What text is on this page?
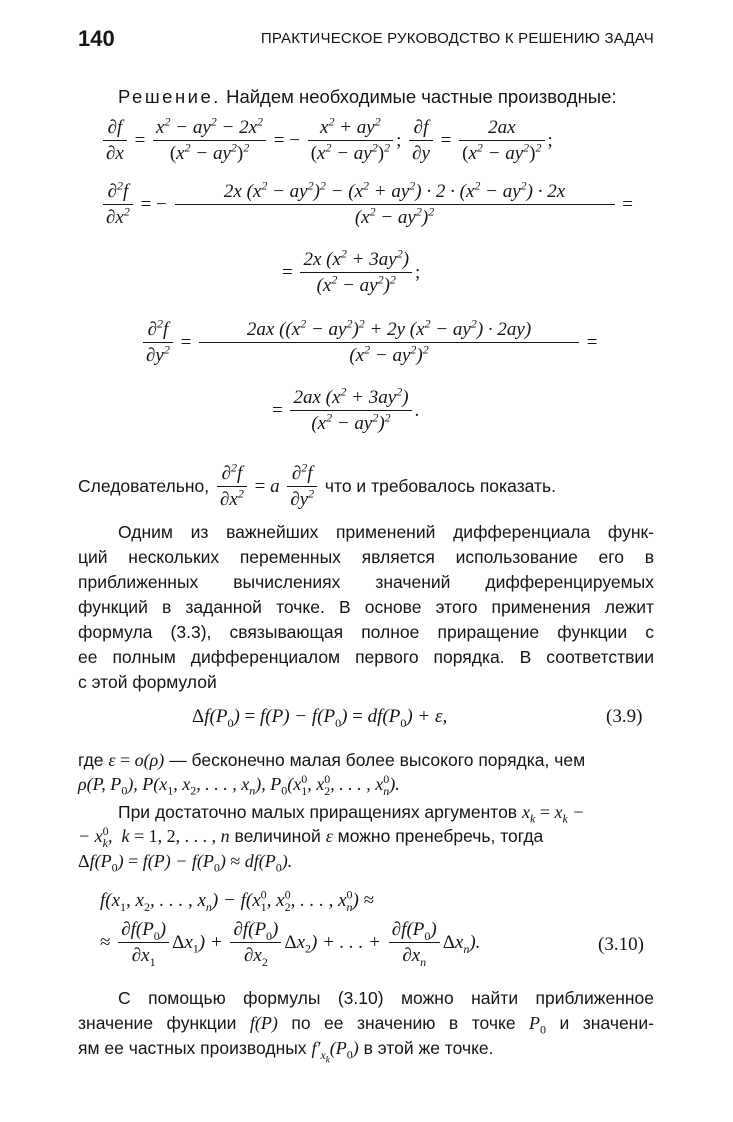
140	ПРАКТИЧЕСКОЕ РУКОВОДСТВО К РЕШЕНИЮ ЗАДАЧ
Решение. Найдем необходимые частные производные:
$\frac{\partial f}{\partial x} = \frac{x^2 - ay^2 - 2x^2}{(x^2 - ay^2)^2}$ = − $\frac{x^2 + ay^2}{(x^2 - ay^2)^2}$ ; $\frac{\partial f}{\partial y} = \frac{2ax}{(x^2 - ay^2)^2}$ ;
$\frac{\partial^2f}{\partial x^2}$ = − $\frac{2x (x^2 - ay^2)^2 - (x^2 + ay^2) \cdot 2 \cdot (x^2 - ay^2) \cdot 2x}{(x^2 - ay^2)^2}$ =
= $\frac{2x (x^2 + 3ay^2)}{(x^2 - ay^2)^2}$ ;
$\frac{\partial^2f}{\partial y^2} = \frac{2ax ((x^2 - ay^2)^2 + 2y (x^2 - ay^2) \cdot 2ay)}{(x^2 - ay^2)^2}$ =
= $\frac{2ax (x^2 + 3ay^2)}{(x^2 - ay^2)^2}$ .
Следовательно, $\frac{\partial^2f}{\partial x^2} = a \frac{\partial^2f}{\partial y^2}$ что и требовалось показать.
Одним из важнейших применений дифференциала функ-
ций нескольких переменных является использование его в
приближенных вычислениях значений дифференцируемых
функций в заданной точке. В основе этого применения лежит
формула (3.3), связывающая полное приращение функции с
ее полным дифференциалом первого порядка. В соответствии
с этой формулой
$\Delta f(P_0) = f(P) - f(P_0) = df(P_0) + \varepsilon$,	(3.9)
где ε = o(ρ) — бесконечно малая более высокого порядка, чем
ρ(P, $P_0$), $P(x_1$, $x_2$, . . . , $x_n$), $P_0(x^0_1$, $x^0_2$, . . . , $x^0_n$).
При достаточно малых приращениях аргументов $x_k = x_k$ −
− $x^0_k$,  k = 1, 2, . . . , n величиной ε можно пренебречь, тогда
$\Delta f(P_0) = f(P) - f(P_0) \approx df(P_0)$.
$f(x_1$, $x_2$, . . . , $x_n) - f(x^0_1$, $x^0_2$, . . . , $x^0_n$) ≈
≈ $\frac{\partial f(P_0)}{\partial x_1} \Delta x_1) + \frac{\partial f(P_0)}{\partial x_2} \Delta x_2$) + . . . + $\frac{\partial f(P_0)}{\partial x_n} \Delta x_n$).	(3.10)
С помощью формулы (3.10) можно найти приближенное
значение функции f(P) по ее значению в точке $P_0$ и значени-
ям ее частных производных $f'_{x_k}(P_0)$ в этой же точке.
